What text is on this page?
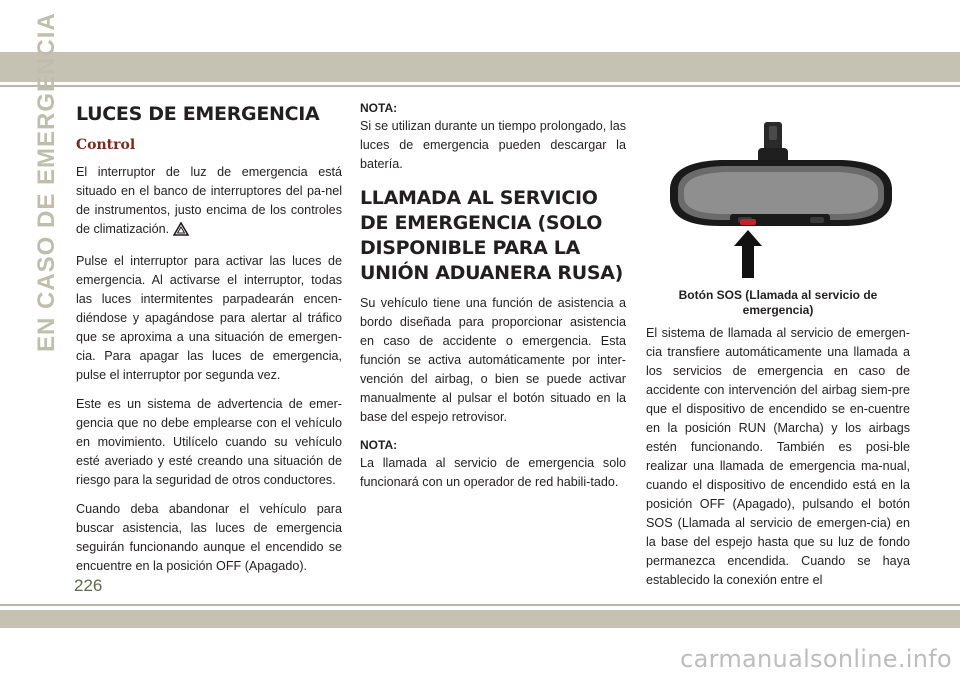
EN CASO DE EMERGENCIA LUCES DE EMERGENCIA
Control

El interruptor de luz de emergencia está situado en el banco de interruptores del pa-nel de instrumentos, justo encima de los controles de climatización.

Pulse el interruptor para activar las luces de emergencia. Al activarse el interruptor, todas las luces intermitentes parpadearán encen-diéndose y apagándose para alertar al tráfico que se aproxima a una situación de emergen-cia. Para apagar las luces de emergencia, pulse el interruptor por segunda vez.

Este es un sistema de advertencia de emer-gencia que no debe emplearse con el vehículo en movimiento. Utilícelo cuando su vehículo esté averiado y esté creando una situación de riesgo para la seguridad de otros conductores.

Cuando deba abandonar el vehículo para buscar asistencia, las luces de emergencia seguirán funcionando aunque el encendido se encuentre en la posición OFF (Apagado).

NOTA:

Si se utilizan durante un tiempo prolongado, las luces de emergencia pueden descargar la batería.

LLAMADA AL SERVICIO DE EMERGENCIA (SOLO DISPONIBLE PARA LA UNIÓN ADUANERA RUSA)

Su vehículo tiene una función de asistencia a bordo diseñada para proporcionar asistencia en caso de accidente o emergencia. Esta función se activa automáticamente por inter-vención del airbag, o bien se puede activar manualmente al pulsar el botón situado en la base del espejo retrovisor.

NOTA:

La llamada al servicio de emergencia solo funcionará con un operador de red habili-tado.

Botón SOS (Llamada al servicio de emergencia)

El sistema de llamada al servicio de emergen-cia transfiere automáticamente una llamada a los servicios de emergencia en caso de accidente con intervención del airbag siem-pre que el dispositivo de encendido se en-cuentre en la posición RUN (Marcha) y los airbags estén funcionando. También es posi-ble realizar una llamada de emergencia ma-nual, cuando el dispositivo de encendido está en la posición OFF (Apagado), pulsando el botón SOS (Llamada al servicio de emergen-cia) en la base del espejo hasta que su luz de fondo permanezca encendida. Cuando se haya establecido la conexión entre el

226
carmanualsonline.info
